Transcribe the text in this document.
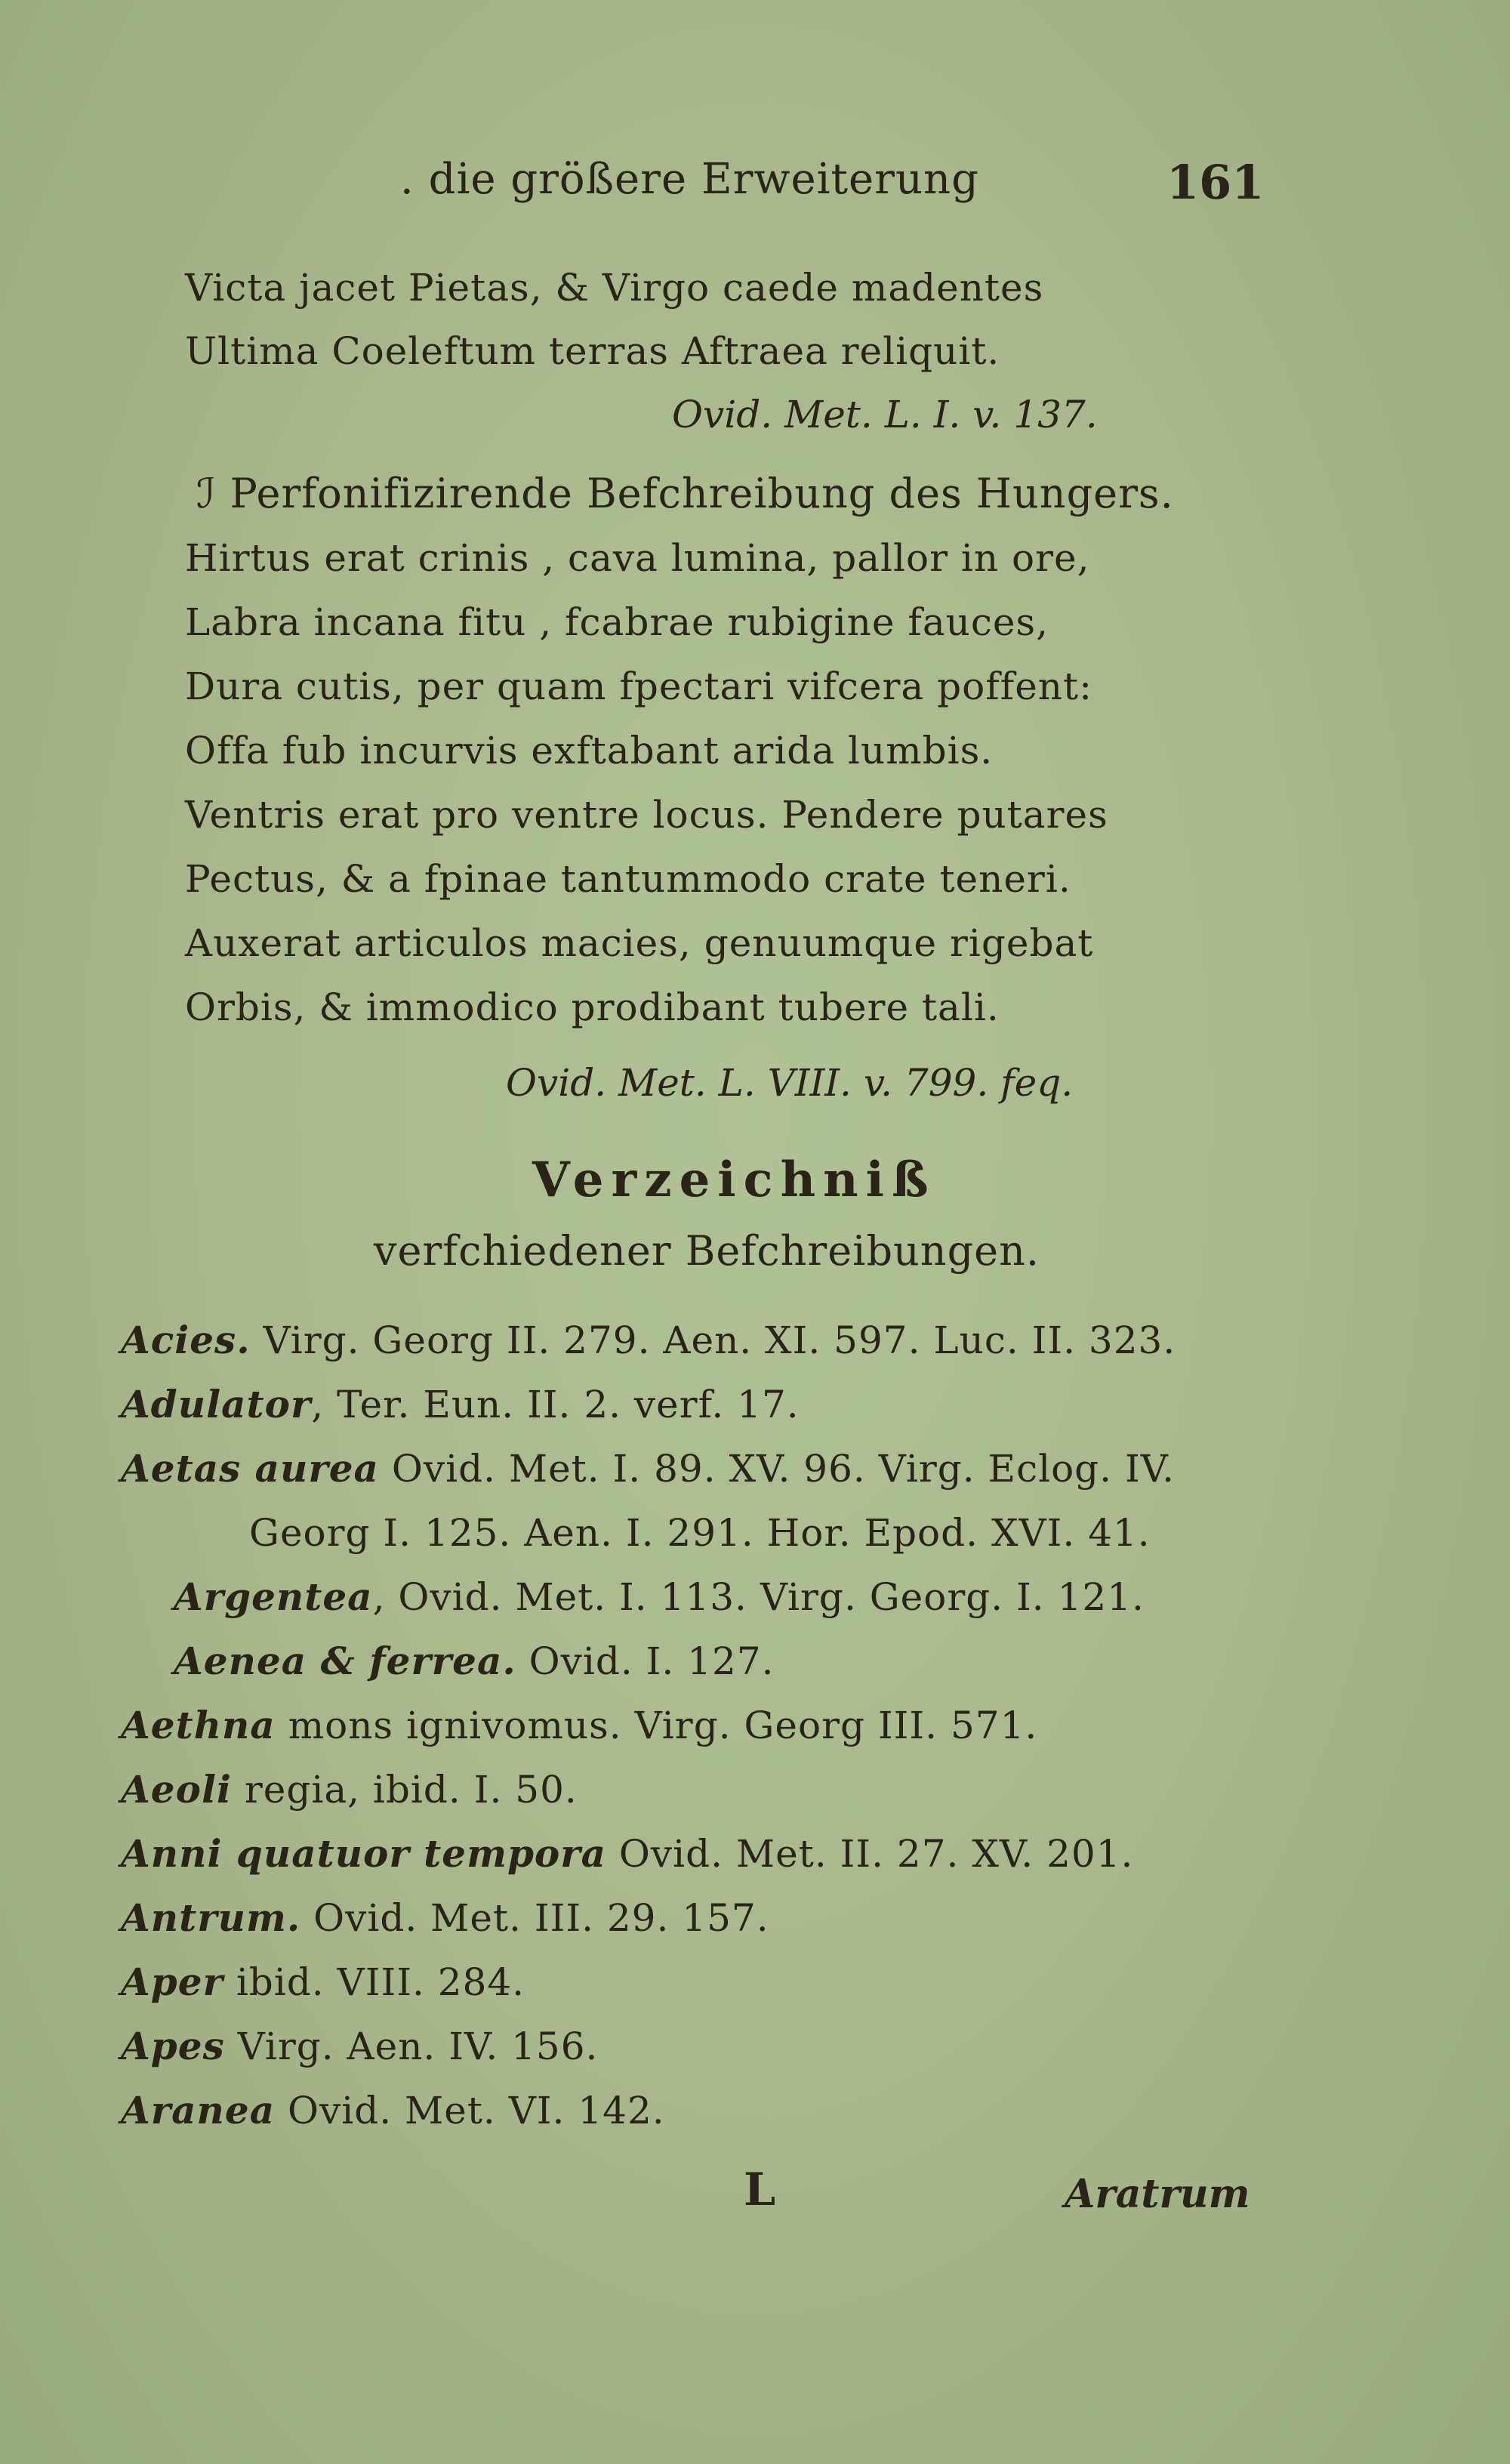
. die größere Erweiterung	161
Victa jacet Pietas, & Virgo caede madentes
Ultima Coeleftum terras Aftraea reliquit.
Ovid. Met. L. I. v. 137.
ℐ Perfonifizirende Befchreibung des Hungers.
Hirtus erat crinis , cava lumina, pallor in ore,
Labra incana fitu , fcabrae rubigine fauces,
Dura cutis, per quam fpectari vifcera poffent:
Offa fub incurvis exftabant arida lumbis.
Ventris erat pro ventre locus. Pendere putares
Pectus, & a fpinae tantummodo crate teneri.
Auxerat articulos macies, genuumque rigebat
Orbis, & immodico prodibant tubere tali.
Ovid. Met. L. VIII. v. 799. feq.
Verzeichniß
verfchiedener Befchreibungen.
Acies. Virg. Georg II. 279. Aen. XI. 597. Luc. II. 323.
Adulator, Ter. Eun. II. 2. verf. 17.
Aetas aurea Ovid. Met. I. 89. XV. 96. Virg. Eclog. IV.
Georg I. 125. Aen. I. 291. Hor. Epod. XVI. 41.
Argentea, Ovid. Met. I. 113. Virg. Georg. I. 121.
Aenea & ferrea. Ovid. I. 127.
Aethna mons ignivomus. Virg. Georg III. 571.
Aeoli regia, ibid. I. 50.
Anni quatuor tempora Ovid. Met. II. 27. XV. 201.
Antrum. Ovid. Met. III. 29. 157.
Aper ibid. VIII. 284.
Apes Virg. Aen. IV. 156.
Aranea Ovid. Met. VI. 142.
L	Aratrum
